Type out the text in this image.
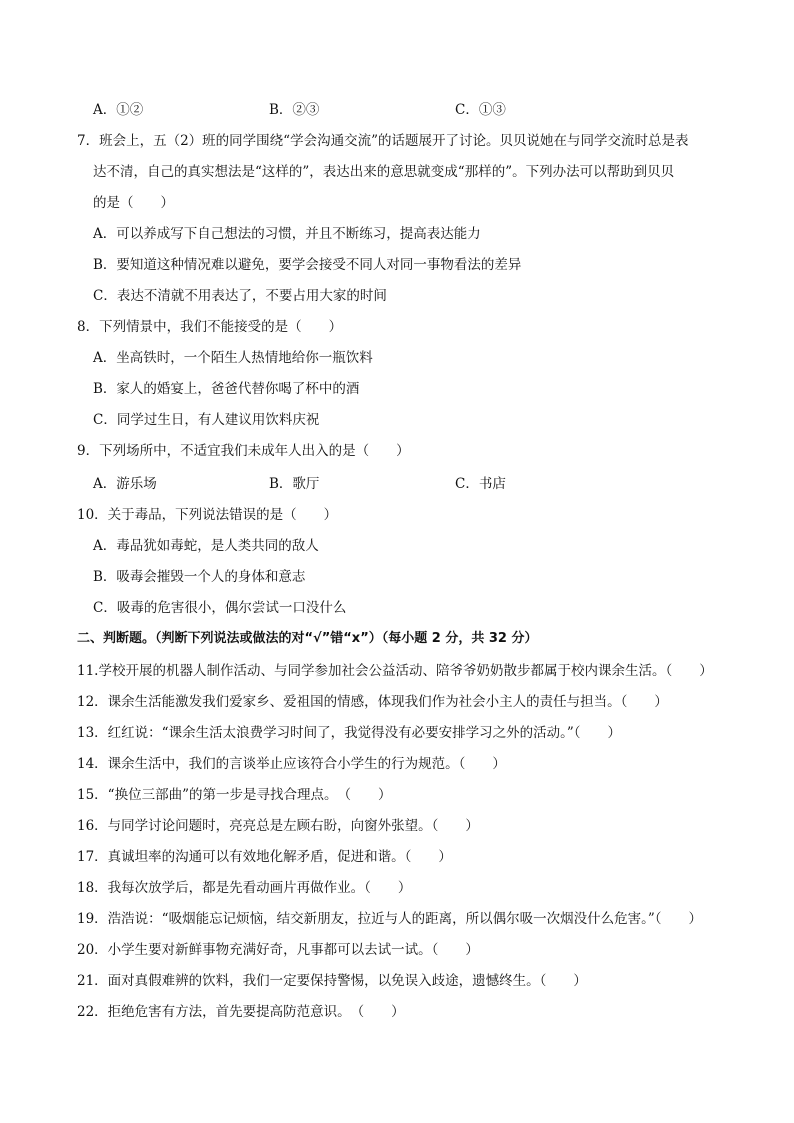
A．①②	B．②③	C．①③
7．班会上，五（2）班的同学围绕“学会沟通交流”的话题展开了讨论。贝贝说她在与同学交流时总是表
达不清，自己的真实想法是“这样的”，表达出来的意思就变成“那样的”。下列办法可以帮助到贝贝
的是（　　）
A．可以养成写下自己想法的习惯，并且不断练习，提高表达能力
B．要知道这种情况难以避免，要学会接受不同人对同一事物看法的差异
C．表达不清就不用表达了，不要占用大家的时间
8．下列情景中，我们不能接受的是（　　）
A．坐高铁时，一个陌生人热情地给你一瓶饮料
B．家人的婚宴上，爸爸代替你喝了杯中的酒
C．同学过生日，有人建议用饮料庆祝
9．下列场所中，不适宜我们未成年人出入的是（　　）
A．游乐场	B．歌厅	C．书店
10．关于毒品，下列说法错误的是（　　）
A．毒品犹如毒蛇，是人类共同的敌人
B．吸毒会摧毁一个人的身体和意志
C．吸毒的危害很小，偶尔尝试一口没什么
二、判断题。（判断下列说法或做法的对“√”错“x”）（每小题 2 分，共 32 分）
11.学校开展的机器人制作活动、与同学参加社会公益活动、陪爷爷奶奶散步都属于校内课余生活。（　　）
12．课余生活能激发我们爱家乡、爱祖国的情感，体现我们作为社会小主人的责任与担当。（　　）
13．红红说：“课余生活太浪费学习时间了，我觉得没有必要安排学习之外的活动。”（　　）
14．课余生活中，我们的言谈举止应该符合小学生的行为规范。（　　）
15．“换位三部曲”的第一步是寻找合理点。　（　　）
16．与同学讨论问题时，亮亮总是左顾右盼，向窗外张望。（　　）
17．真诚坦率的沟通可以有效地化解矛盾，促进和谐。（　　）
18．我每次放学后，都是先看动画片再做作业。（　　）
19．浩浩说：“吸烟能忘记烦恼，结交新朋友，拉近与人的距离，所以偶尔吸一次烟没什么危害。”（　　）
20．小学生要对新鲜事物充满好奇，凡事都可以去试一试。（　　）
21．面对真假难辨的饮料，我们一定要保持警惕，以免误入歧途，遗憾终生。（　　）
22．拒绝危害有方法，首先要提高防范意识。　（　　）
